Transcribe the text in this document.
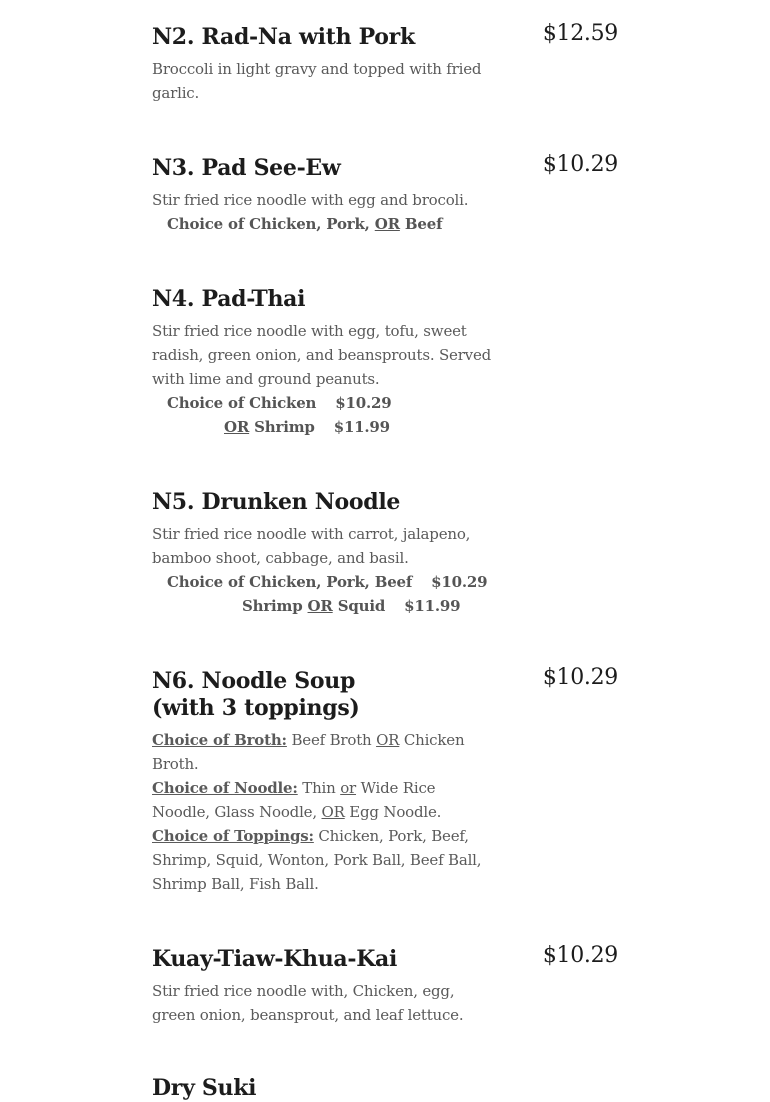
N2. Rad-Na with Pork	$12.59
Broccoli in light gravy and topped with fried garlic.
N3. Pad See-Ew	$10.29
Stir fried rice noodle with egg and brocoli.
Choice of Chicken, Pork, OR Beef
N4. Pad-Thai
Stir fried rice noodle with egg, tofu, sweet radish, green onion, and beansprouts. Served with lime and ground peanuts.
Choice of Chicken $10.29
OR Shrimp $11.99
N5. Drunken Noodle
Stir fried rice noodle with carrot, jalapeno, bamboo shoot, cabbage, and basil.
Choice of Chicken, Pork, Beef $10.29
Shrimp OR Squid $11.99
N6. Noodle Soup (with 3 toppings)
$10.29
Choice of Broth: Beef Broth OR Chicken Broth.
Choice of Noodle: Thin or Wide Rice Noodle, Glass Noodle, OR Egg Noodle.
Choice of Toppings: Chicken, Pork, Beef, Shrimp, Squid, Wonton, Pork Ball, Beef Ball, Shrimp Ball, Fish Ball.
Kuay-Tiaw-Khua-Kai	$10.29
Stir fried rice noodle with, Chicken, egg, green onion, beansprout, and leaf lettuce.
Dry Suki
